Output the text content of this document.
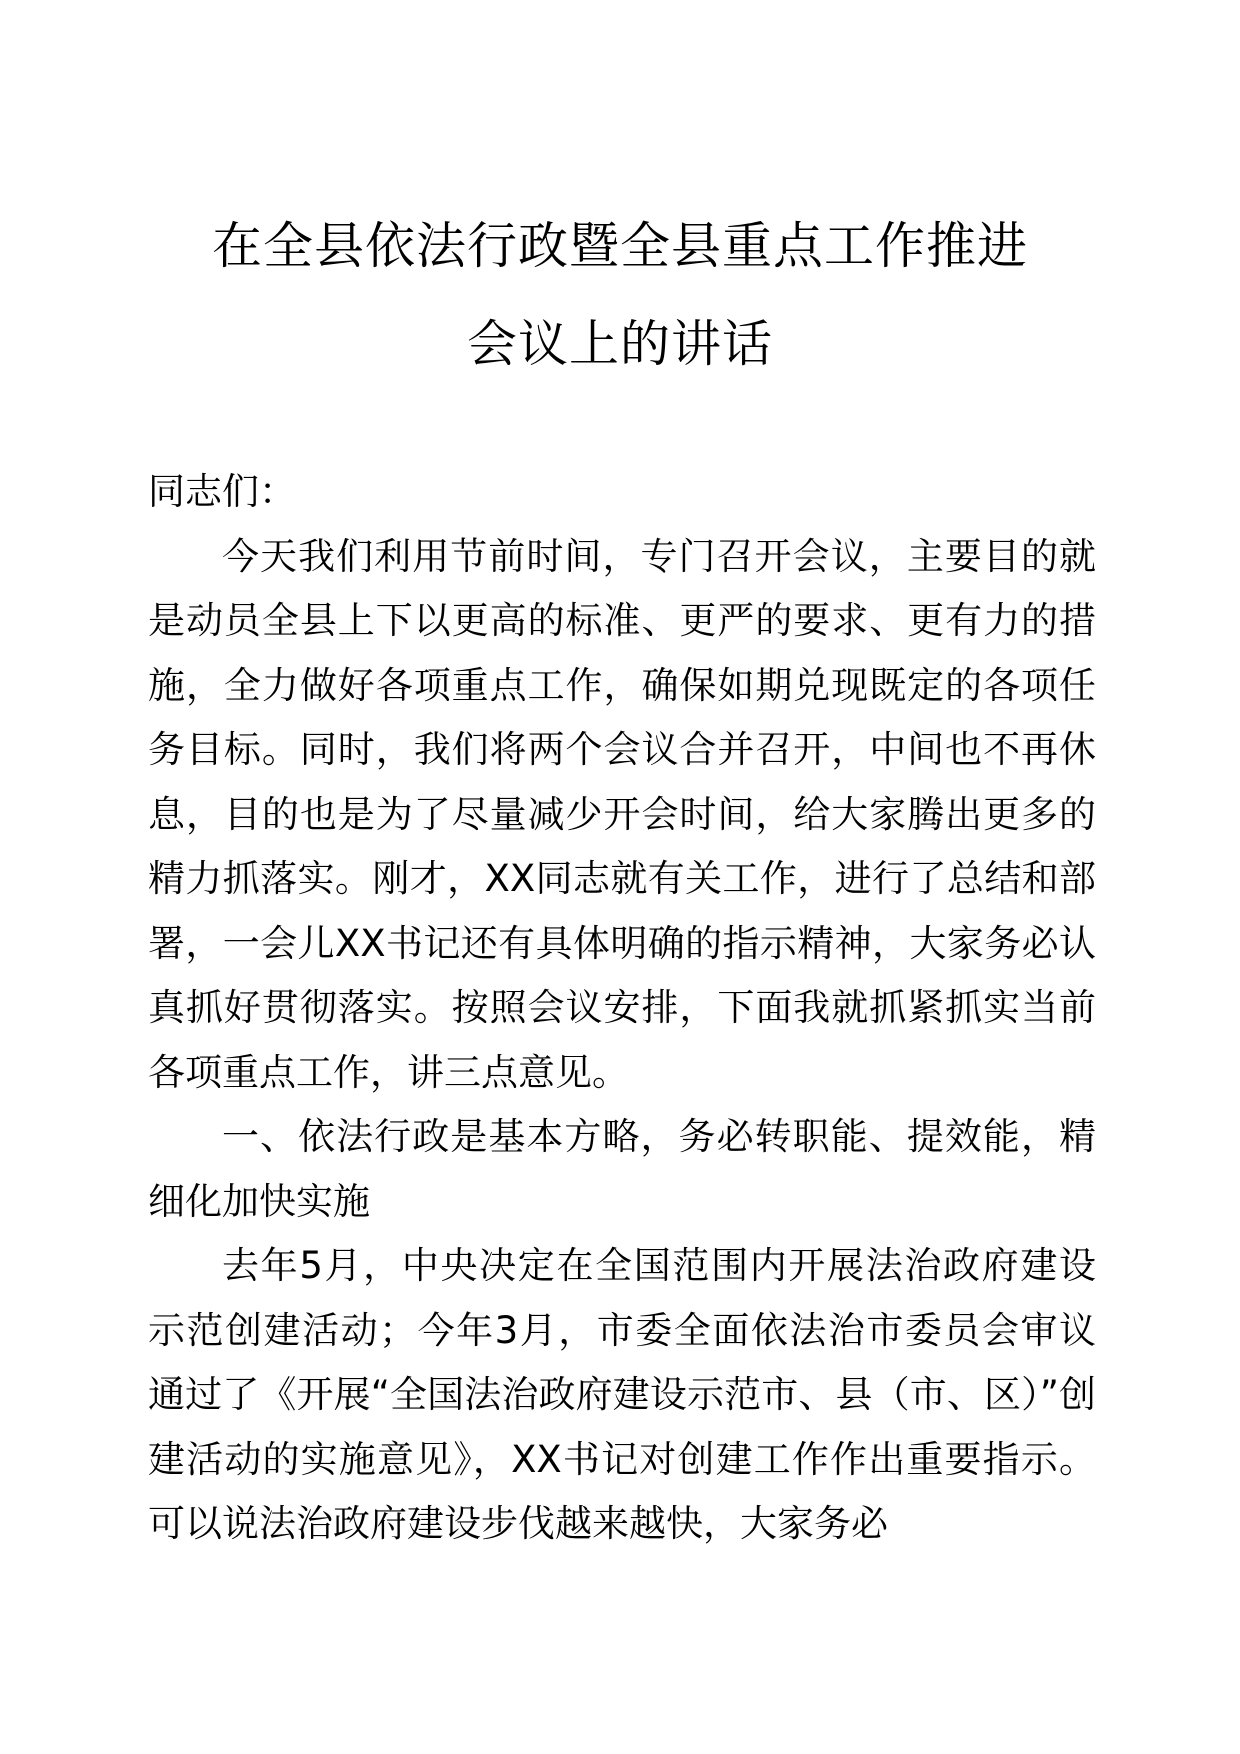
在全县依法行政暨全县重点工作推进
会议上的讲话

同志们：

今天我们利用节前时间，专门召开会议，主要目的就是动员全县上下以更高的标准、更严的要求、更有力的措施，全力做好各项重点工作，确保如期兑现既定的各项任务目标。同时，我们将两个会议合并召开，中间也不再休息，目的也是为了尽量减少开会时间，给大家腾出更多的精力抓落实。刚才，XX同志就有关工作，进行了总结和部署，一会儿XX书记还有具体明确的指示精神，大家务必认真抓好贯彻落实。按照会议安排，下面我就抓紧抓实当前各项重点工作，讲三点意见。

一、依法行政是基本方略，务必转职能、提效能，精细化加快实施

去年5月，中央决定在全国范围内开展法治政府建设示范创建活动；今年3月，市委全面依法治市委员会审议通过了《开展“全国法治政府建设示范市、县（市、区）”创建活动的实施意见》，XX书记对创建工作作出重要指示。可以说法治政府建设步伐越来越快，大家务必
